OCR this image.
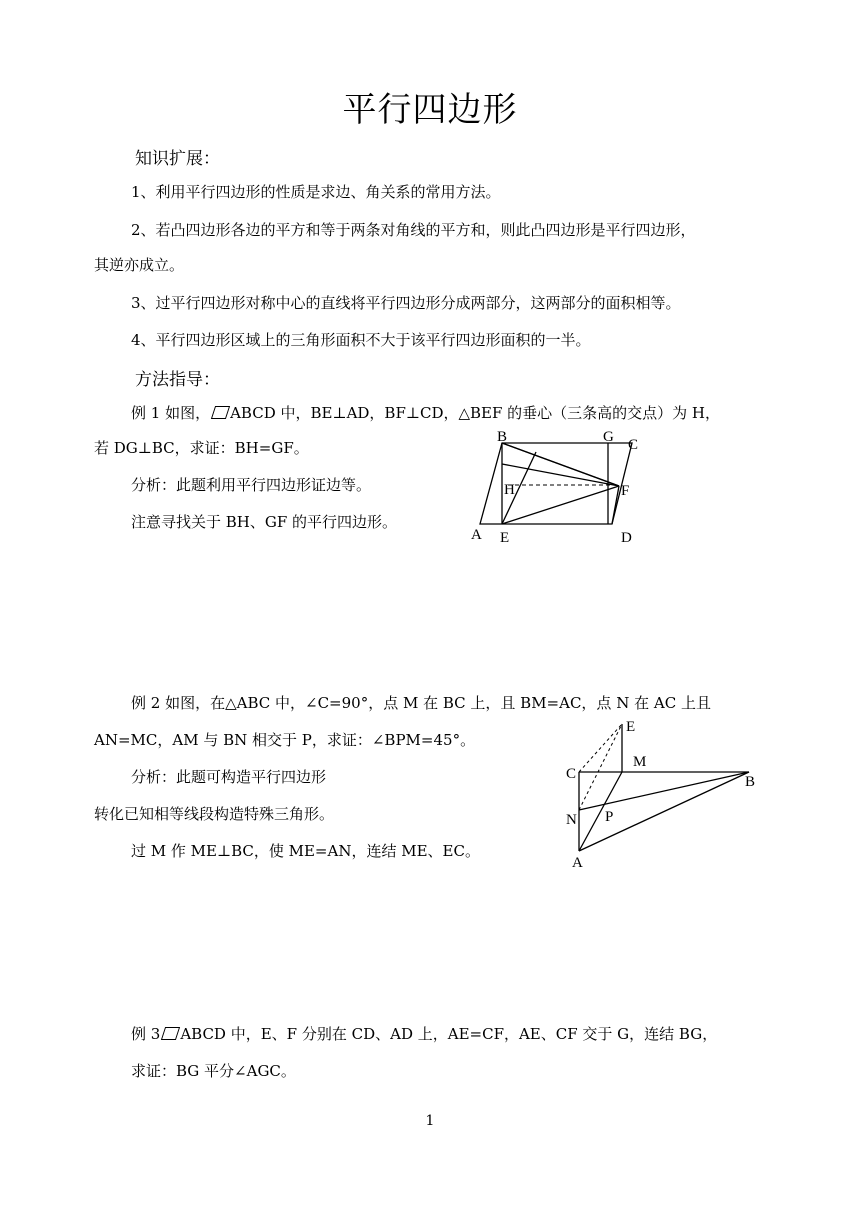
平行四边形
知识扩展：
1、利用平行四边形的性质是求边、角关系的常用方法。
2、若凸四边形各边的平方和等于两条对角线的平方和，则此凸四边形是平行四边形，
其逆亦成立。
3、过平行四边形对称中心的直线将平行四边形分成两部分，这两部分的面积相等。
4、平行四边形区域上的三角形面积不大于该平行四边形面积的一半。
方法指导：
例 1 如图， ABCD 中，BE⊥AD，BF⊥CD，△BEF 的垂心（三条高的交点）为 H，
若 DG⊥BC，求证：BH=GF。
分析：此题利用平行四边形证边等。
注意寻找关于 BH、GF 的平行四边形。
B	G C
H	F
A E	D
例 2 如图，在△ABC 中，∠C=90°，点 M 在 BC 上，且 BM=AC，点 N 在 AC 上且
AN=MC，AM 与 BN 相交于 P，求证：∠BPM=45°。
分析：此题可构造平行四边形
转化已知相等线段构造特殊三角形。
过 M 作 ME⊥BC，使 ME=AN，连结 ME、EC。
E
M
C	B
N P
A
例 3 ABCD 中，E、F 分别在 CD、AD 上，AE=CF，AE、CF 交于 G，连结 BG，
求证：BG 平分∠AGC。
1
